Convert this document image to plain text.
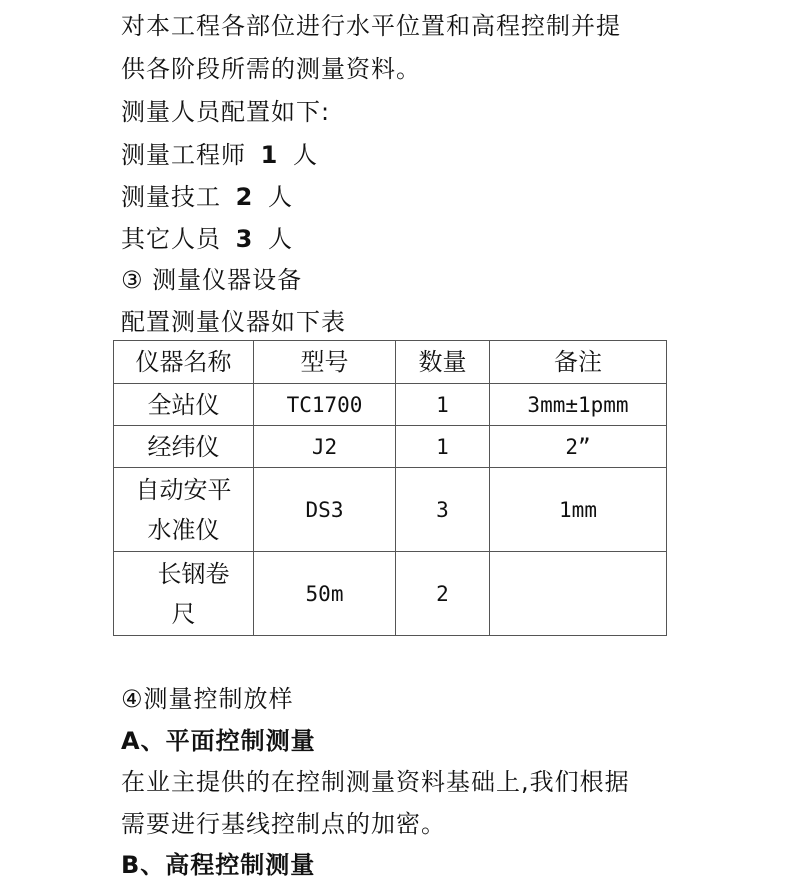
对本工程各部位进行水平位置和高程控制并提
供各阶段所需的测量资料。
测量人员配置如下:
测量工程师 1 人
测量技工 2 人
其它人员 3 人
③ 测量仪器设备
配置测量仪器如下表
仪器名称	型号	数量	备注
全站仪	TC1700	1	3mm±1pmm
经纬仪	J2	1	2”

自动安平
水准仪	DS3	3	1mm

长钢卷
尺	50m	2	
④测量控制放样
A、平面控制测量
在业主提供的在控制测量资料基础上,我们根据
需要进行基线控制点的加密。
B、高程控制测量
